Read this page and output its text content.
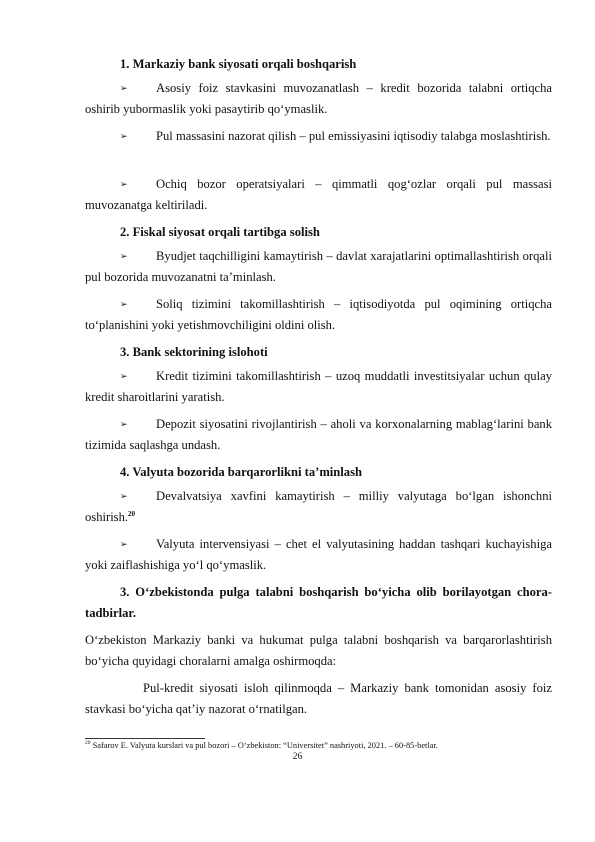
1. Markaziy bank siyosati orqali boshqarish
➢	Asosiy foiz stavkasini muvozanatlash – kredit bozorida talabni ortiqcha oshirib yubormaslik yoki pasaytirib qo‘ymaslik.
➢	Pul massasini nazorat qilish – pul emissiyasini iqtisodiy talabga moslashtirish.
➢	Ochiq bozor operatsiyalari – qimmatli qog‘ozlar orqali pul massasi muvozanatga keltiriladi.
2. Fiskal siyosat orqali tartibga solish
➢	Byudjet taqchilligini kamaytirish – davlat xarajatlarini optimallashtirish orqali pul bozorida muvozanatni ta’minlash.
➢	Soliq tizimini takomillashtirish – iqtisodiyotda pul oqimining ortiqcha to‘planishini yoki yetishmovchiligini oldini olish.
3. Bank sektorining islohoti
➢	Kredit tizimini takomillashtirish – uzoq muddatli investitsiyalar uchun qulay kredit sharoitlarini yaratish.
➢	Depozit siyosatini rivojlantirish – aholi va korxonalarning mablag‘larini bank tizimida saqlashga undash.
4. Valyuta bozorida barqarorlikni ta’minlash
➢	Devalvatsiya xavfini kamaytirish – milliy valyutaga bo‘lgan ishonchni oshirish.$^{20}$
➢	Valyuta intervensiyasi – chet el valyutasining haddan tashqari kuchayishiga yoki zaiflashishiga yo‘l qo‘ymaslik.
3. O‘zbekistonda pulga talabni boshqarish bo‘yicha olib borilayotgan chora-tadbirlar.
O‘zbekiston Markaziy banki va hukumat pulga talabni boshqarish va barqarorlashtirish bo‘yicha quyidagi choralarni amalga oshirmoqda:
Pul-kredit siyosati isloh qilinmoqda – Markaziy bank tomonidan asosiy foiz stavkasi bo‘yicha qat’iy nazorat o‘rnatilgan.
$^{20}$ Safarov E. Valyuta kurslari va pul bozori – O‘zbekiston: “Universitet” nashriyoti, 2021. – 60-85-betlar.
26
